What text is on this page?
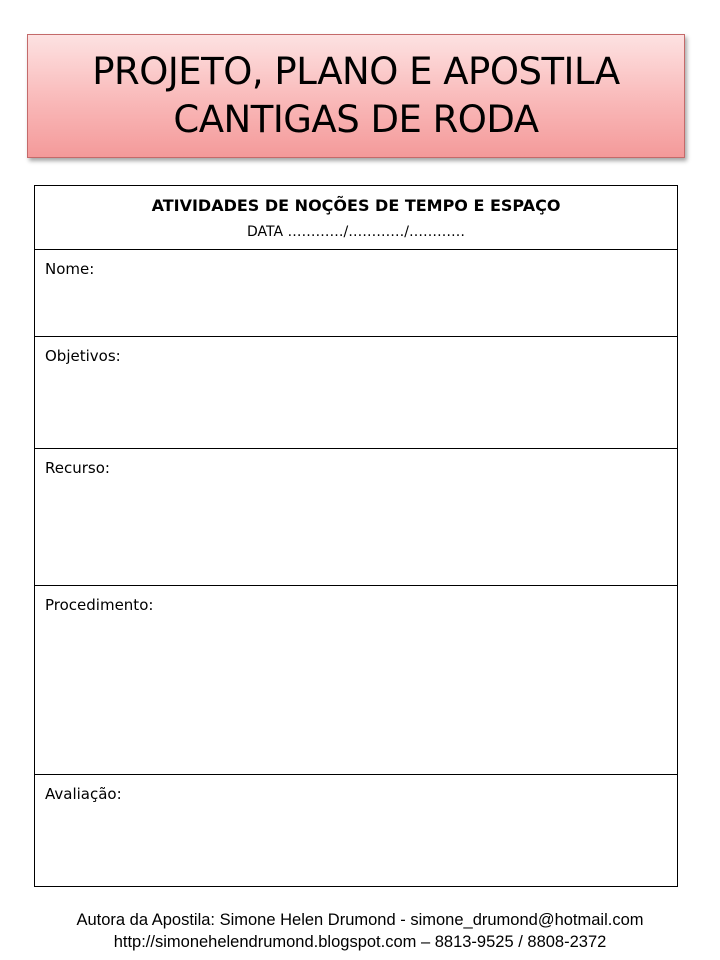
PROJETO, PLANO E APOSTILA
CANTIGAS DE RODA
ATIVIDADES DE NOÇÕES DE TEMPO E ESPAÇO
DATA …………/…………/…………
Nome:
Objetivos:
Recurso:
Procedimento:
Avaliação:
Autora da Apostila: Simone Helen Drumond - simone_drumond@hotmail.com
http://simonehelendrumond.blogspot.com – 8813-9525 / 8808-2372
